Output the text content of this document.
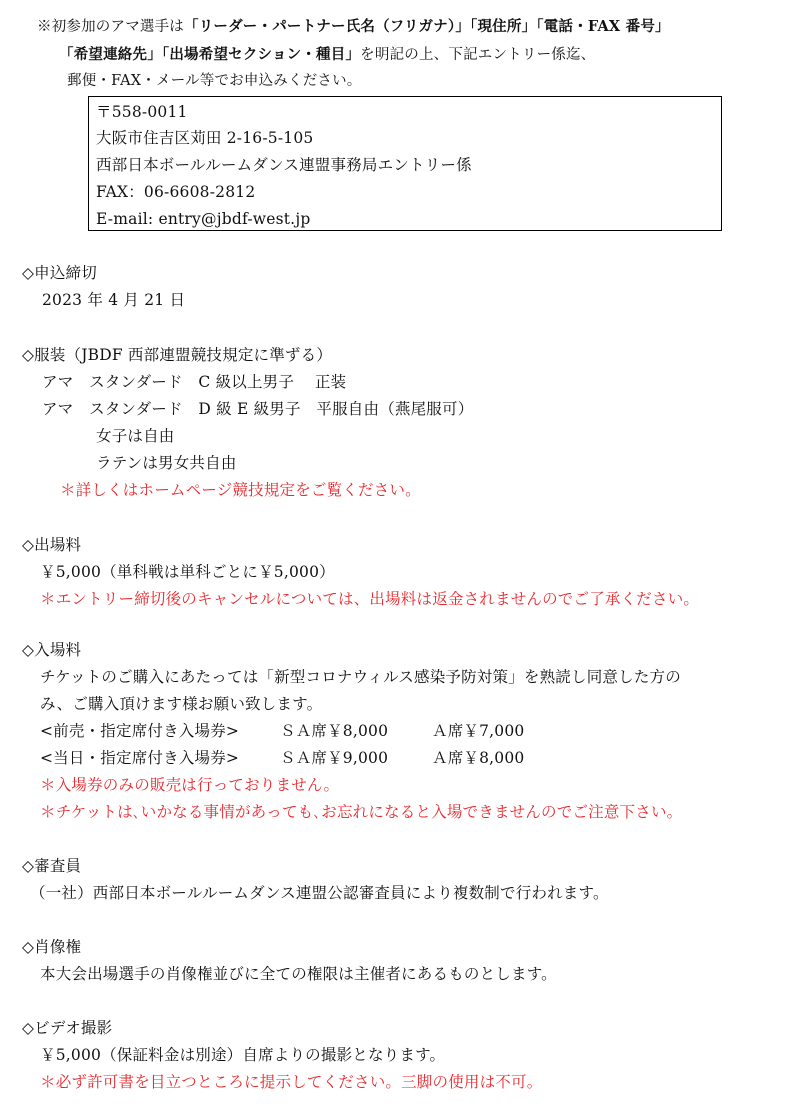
※初参加のアマ選手は「リーダー・パートナー氏名（フリガナ）」「現住所」「電話・FAX 番号」
「希望連絡先」「出場希望セクション・種目」を明記の上、下記エントリー係迄、
郵便・FAX・メール等でお申込みください。
〒558-0011
大阪市住吉区苅田 2-16-5-105
西部日本ボールルームダンス連盟事務局エントリー係
FAX：06-6608-2812
E-mail: entry@jbdf-west.jp
◇申込締切
2023 年 4 月 21 日
◇服装（JBDF 西部連盟競技規定に準ずる）
アマ　スタンダード　C 級以上男子　 正装
アマ　スタンダード　D 級 E 級男子　平服自由（燕尾服可）
女子は自由
ラテンは男女共自由
＊詳しくはホームページ競技規定をご覧ください。
◇出場料
￥5,000（単科戦は単科ごとに￥5,000）
＊エントリー締切後のキャンセルについては、出場料は返金されませんのでご了承ください。
◇入場料
チケットのご購入にあたっては「新型コロナウィルス感染予防対策」を熟読し同意した方の
み、ご購入頂けます様お願い致します。
<前売・指定席付き入場券>	ＳＡ席￥8,000	Ａ席￥7,000
<当日・指定席付き入場券>	ＳＡ席￥9,000	Ａ席￥8,000
＊入場券のみの販売は行っておりません。
＊チケットは､いかなる事情があっても､お忘れになると入場できませんのでご注意下さい。
◇審査員
（一社）西部日本ボールルームダンス連盟公認審査員により複数制で行われます。
◇肖像権
本大会出場選手の肖像権並びに全ての権限は主催者にあるものとします。
◇ビデオ撮影
￥5,000（保証料金は別途）自席よりの撮影となります。
＊必ず許可書を目立つところに提示してください。三脚の使用は不可。
